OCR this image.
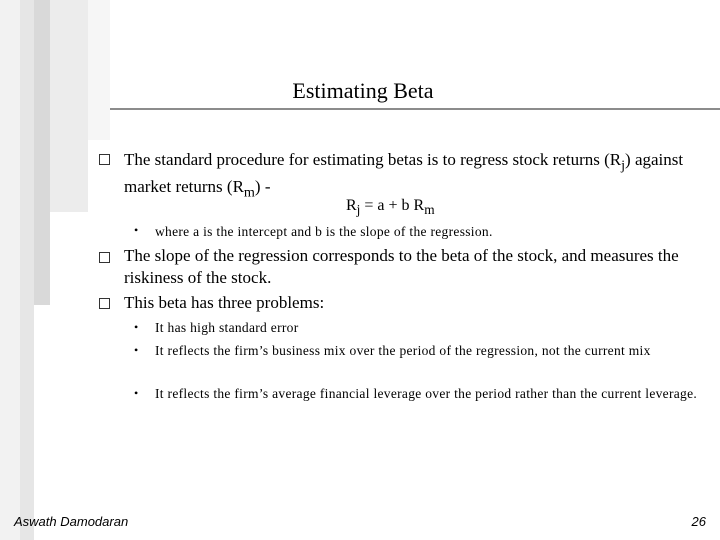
Estimating Beta
The standard procedure for estimating betas is to regress stock returns $(R_j)$ against market returns $(R_m)$ -
$R_j = a + b$ $R_m$
• where a is the intercept and b is the slope of the regression.
The slope of the regression corresponds to the beta of the stock, and measures the riskiness of the stock.
This beta has three problems:
• It has high standard error
• It reflects the firm’s business mix over the period of the regression, not the current mix
• It reflects the firm’s average financial leverage over the period rather than the current leverage.
Aswath Damodaran	26
